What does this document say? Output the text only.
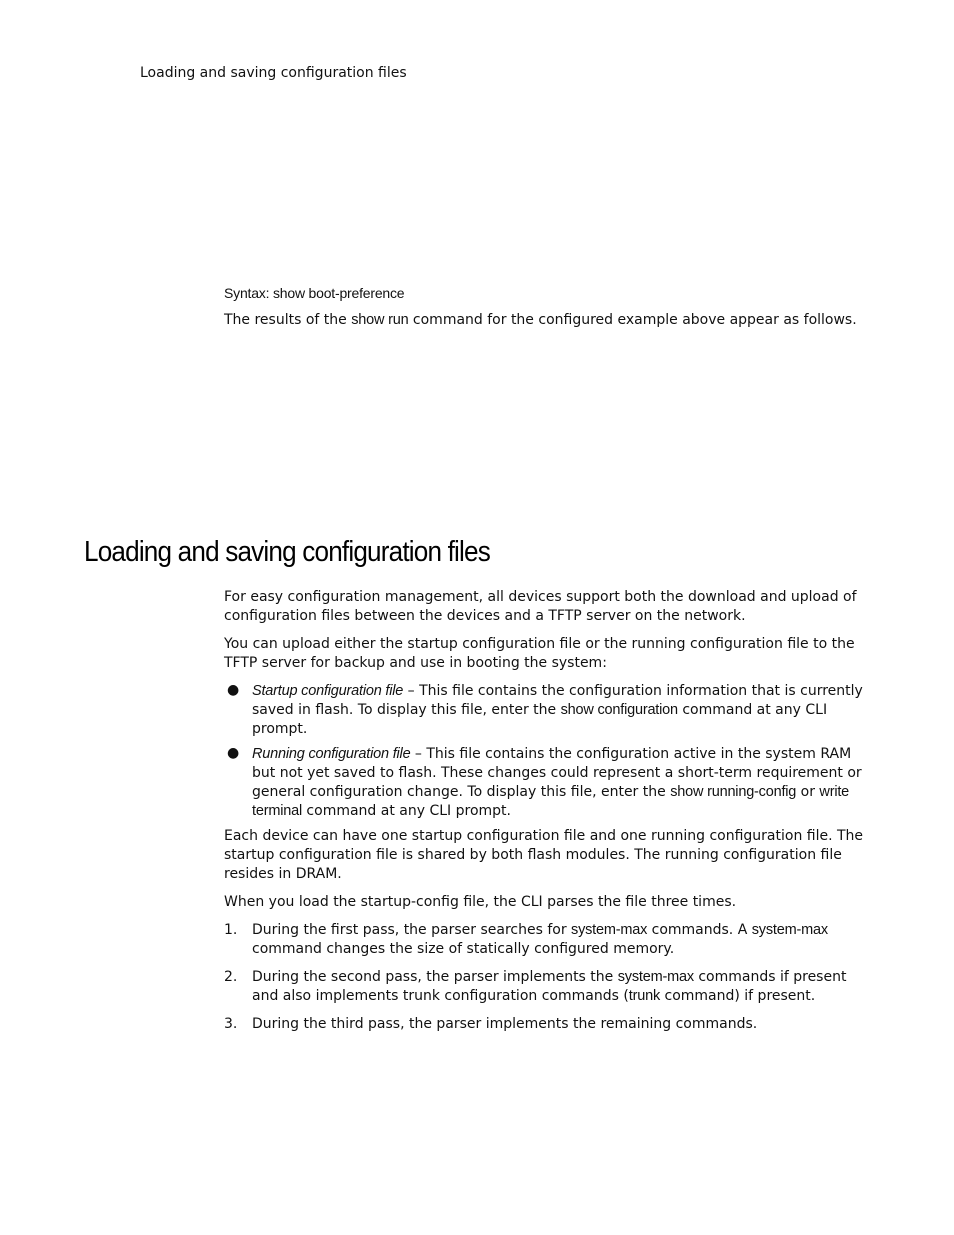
Loading and saving configuration files
Syntax: show boot-preference
The results of the show run command for the configured example above appear as follows.
Loading and saving configuration files

For easy configuration management, all devices support both the download and upload of configuration files between the devices and a TFTP server on the network.

You can upload either the startup configuration file or the running configuration file to the TFTP server for backup and use in booting the system:

● Startup configuration file – This file contains the configuration information that is currently saved in flash. To display this file, enter the show configuration command at any CLI prompt.
● Running configuration file – This file contains the configuration active in the system RAM but not yet saved to flash. These changes could represent a short-term requirement or general configuration change. To display this file, enter the show running-config or write terminal command at any CLI prompt.

Each device can have one startup configuration file and one running configuration file. The startup configuration file is shared by both flash modules. The running configuration file resides in DRAM.

When you load the startup-config file, the CLI parses the file three times.

1. During the first pass, the parser searches for system-max commands. A system-max command changes the size of statically configured memory.
2. During the second pass, the parser implements the system-max commands if present and also implements trunk configuration commands (trunk command) if present.
3. During the third pass, the parser implements the remaining commands.
